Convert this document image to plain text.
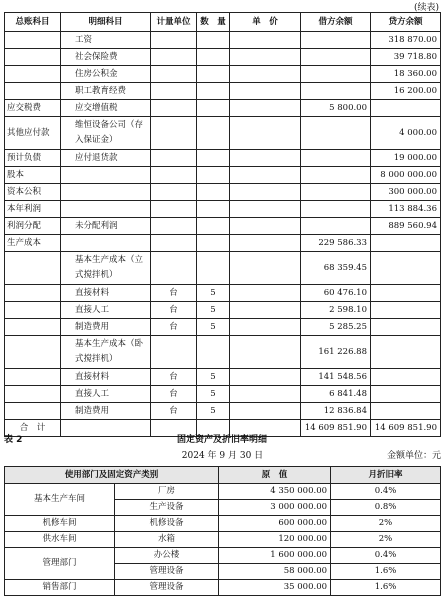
(续表)
总账科目	明细科目	计量单位	数　量	单　价	借方余额	贷方余额
	工资					318 870.00
	社会保险费					39 718.80
	住房公积金					18 360.00
	职工教育经费					16 200.00
应交税费	应交增值税				5 800.00	
其他应付款	维恒设备公司（存入保证金）					4 000.00
预计负债	应付退货款					19 000.00
股本						8 000 000.00
资本公积						300 000.00
本年利润						113 884.36
利润分配	未分配利润					889 560.94
生产成本					229 586.33	
	基本生产成本（立式搅拌机）				68 359.45	
	直接材料	台	5		60 476.10	
	直接人工	台	5		2 598.10	
	制造费用	台	5		5 285.25	
	基本生产成本（卧式搅拌机）				161 226.88	
	直接材料	台	5		141 548.56	
	直接人工	台	5		6 841.48	
	制造费用	台	5		12 836.84	
合　计					14 609 851.90	14 609 851.90
表 2	固定资产及折旧率明细
2024 年 9 月 30 日	金额单位：元
使用部门及固定资产类别		原　值	月折旧率
基本生产车间	厂房	4 350 000.00	0.4%
	生产设备	3 000 000.00	0.8%
机修车间	机修设备	600 000.00	2%
供水车间	水箱	120 000.00	2%
管理部门	办公楼	1 600 000.00	0.4%
	管理设备	58 000.00	1.6%
销售部门	管理设备	35 000.00	1.6%
